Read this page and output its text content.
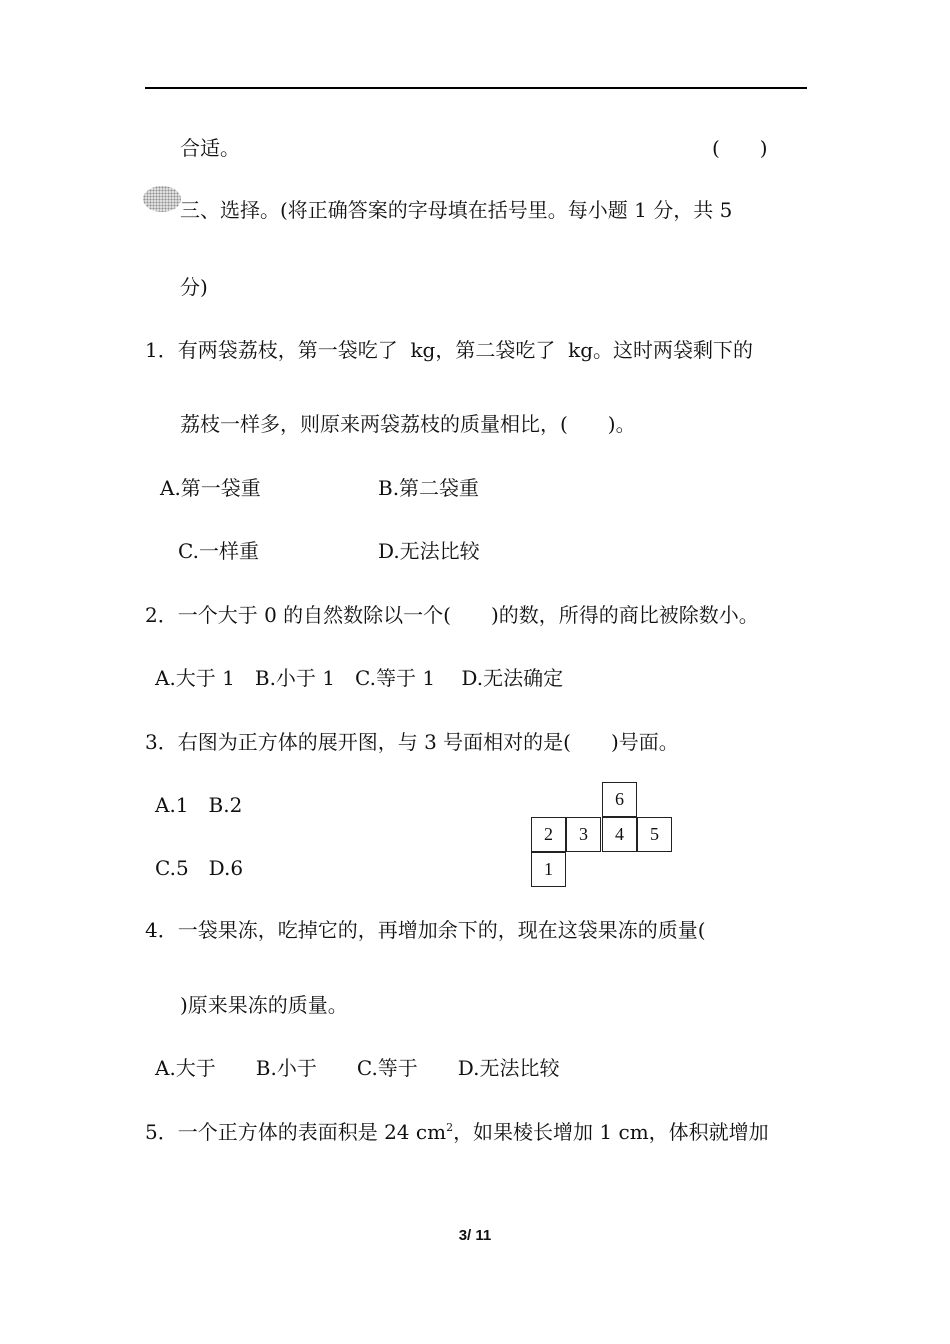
合适。	(　　)
三、选择。(将正确答案的字母填在括号里。每小题 1 分，共 5
分)
1．有两袋荔枝，第一袋吃了  kg，第二袋吃了  kg。这时两袋剩下的
荔枝一样多，则原来两袋荔枝的质量相比，(　　)。
A.第一袋重	B.第二袋重
C.一样重	D.无法比较
2．一个大于 0 的自然数除以一个(　　)的数，所得的商比被除数小。
A.大于 1　B.小于 1　C.等于 1　 D.无法确定
3．右图为正方体的展开图，与 3 号面相对的是(　　)号面。
A.1　B.2
C.5　D.6
6
2	3	4	5
1
4．一袋果冻，吃掉它的，再增加余下的，现在这袋果冻的质量(
)原来果冻的质量。
A.大于　　B.小于　　C.等于　　D.无法比较
5．一个正方体的表面积是 24 $cm^2$，如果棱长增加 1 cm，体积就增加
3/ 11
